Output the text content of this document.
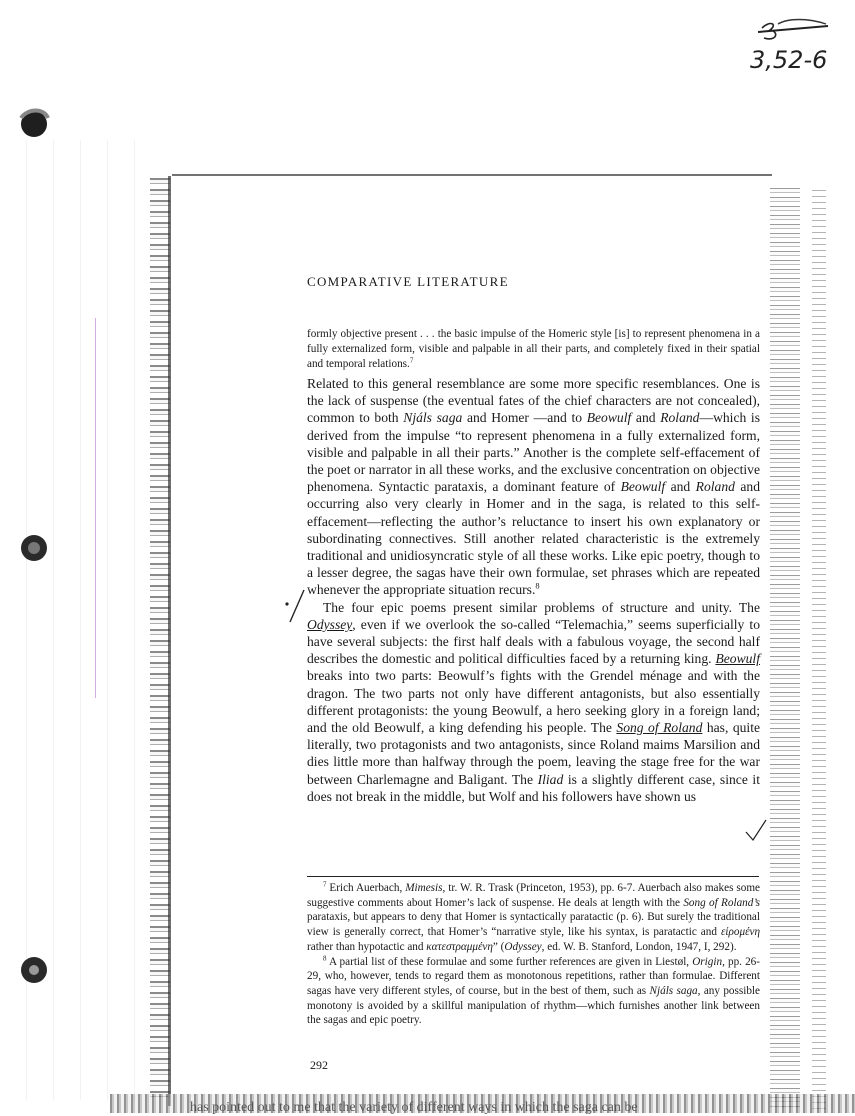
3,52-6
COMPARATIVE LITERATURE

formly objective present . . . the basic impulse of the Homeric style [is] to represent phenomena in a fully externalized form, visible and palpable in all their parts, and completely fixed in their spatial and temporal relations.$^7$

Related to this general resemblance are some more specific resemblances. One is the lack of suspense (the eventual fates of the chief characters are not concealed), common to both Njáls saga and Homer —and to Beowulf and Roland—which is derived from the impulse “to represent phenomena in a fully externalized form, visible and palpable in all their parts.” Another is the complete self-effacement of the poet or narrator in all these works, and the exclusive concentration on objective phenomena. Syntactic parataxis, a dominant feature of Beowulf and Roland and occurring also very clearly in Homer and in the saga, is related to this self-effacement—reflecting the author’s reluctance to insert his own explanatory or subordinating connectives. Still another related characteristic is the extremely traditional and unidiosyncratic style of all these works. Like epic poetry, though to a lesser degree, the sagas have their own formulae, set phrases which are repeated whenever the appropriate situation recurs.$^8$

The four epic poems present similar problems of structure and unity. The Odyssey, even if we overlook the so-called “Telemachia,” seems superficially to have several subjects: the first half deals with a fabulous voyage, the second half describes the domestic and political difficulties faced by a returning king. Beowulf breaks into two parts: Beowulf’s fights with the Grendel ménage and with the dragon. The two parts not only have different antagonists, but also essentially different protagonists: the young Beowulf, a hero seeking glory in a foreign land; and the old Beowulf, a king defending his people. The Song of Roland has, quite literally, two protagonists and two antagonists, since Roland maims Marsilion and dies little more than halfway through the poem, leaving the stage free for the war between Charlemagne and Baligant. The Iliad is a slightly different case, since it does not break in the middle, but Wolf and his followers have shown us

$^7$ Erich Auerbach, Mimesis, tr. W. R. Trask (Princeton, 1953), pp. 6-7. Auerbach also makes some suggestive comments about Homer’s lack of suspense. He deals at length with the Song of Roland’s parataxis, but appears to deny that Homer is syntactically paratactic (p. 6). But surely the traditional view is generally correct, that Homer’s “narrative style, like his syntax, is paratactic and εἰρομένη rather than hypotactic and κατεστραμμένη” (Odyssey, ed. W. B. Stanford, London, 1947, I, 292).

$^8$ A partial list of these formulae and some further references are given in Liestøl, Origin, pp. 26-29, who, however, tends to regard them as monotonous repetitions, rather than formulae. Different sagas have very different styles, of course, but in the best of them, such as Njáls saga, any possible monotony is avoided by a skillful manipulation of rhythm—which furnishes another link between the sagas and epic poetry.

292
has pointed out to me that the variety of different ways in which the saga can be
